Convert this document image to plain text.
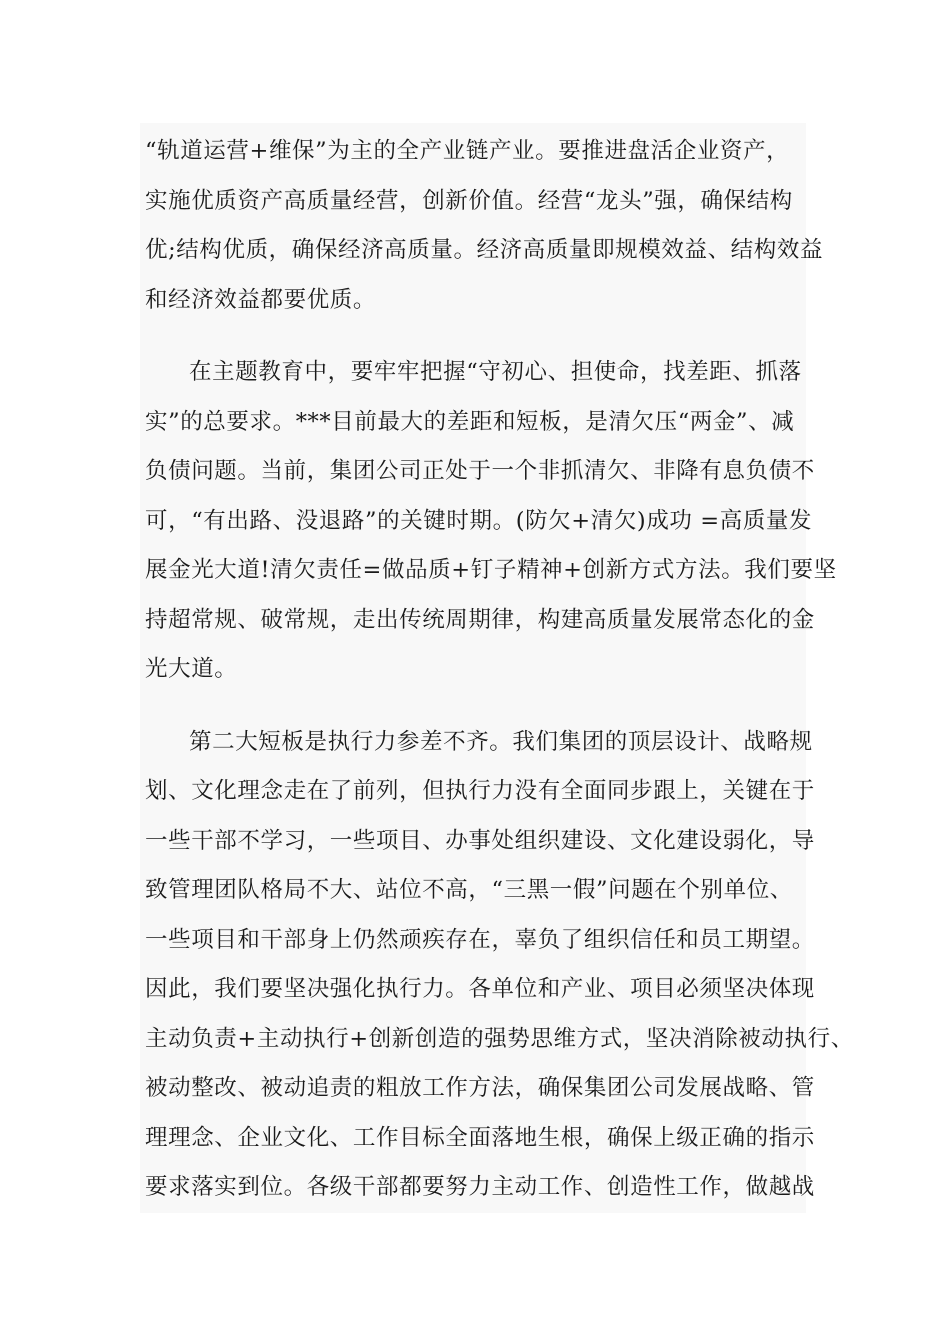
“轨道运营+维保”为主的全产业链产业。要推进盘活企业资产，
实施优质资产高质量经营，创新价值。经营“龙头”强，确保结构
优;结构优质，确保经济高质量。经济高质量即规模效益、结构效益
和经济效益都要优质。
在主题教育中，要牢牢把握“守初心、担使命，找差距、抓落
实”的总要求。***目前最大的差距和短板，是清欠压“两金”、减
负债问题。当前，集团公司正处于一个非抓清欠、非降有息负债不
可，“有出路、没退路”的关键时期。(防欠+清欠)成功 =高质量发
展金光大道!清欠责任=做品质+钉子精神+创新方式方法。我们要坚
持超常规、破常规，走出传统周期律，构建高质量发展常态化的金
光大道。
第二大短板是执行力参差不齐。我们集团的顶层设计、战略规
划、文化理念走在了前列，但执行力没有全面同步跟上，关键在于
一些干部不学习，一些项目、办事处组织建设、文化建设弱化，导
致管理团队格局不大、站位不高，“三黑一假”问题在个别单位、
一些项目和干部身上仍然顽疾存在，辜负了组织信任和员工期望。
因此，我们要坚决强化执行力。各单位和产业、项目必须坚决体现
主动负责+主动执行+创新创造的强势思维方式，坚决消除被动执行、
被动整改、被动追责的粗放工作方法，确保集团公司发展战略、管
理理念、企业文化、工作目标全面落地生根，确保上级正确的指示
要求落实到位。各级干部都要努力主动工作、创造性工作，做越战
